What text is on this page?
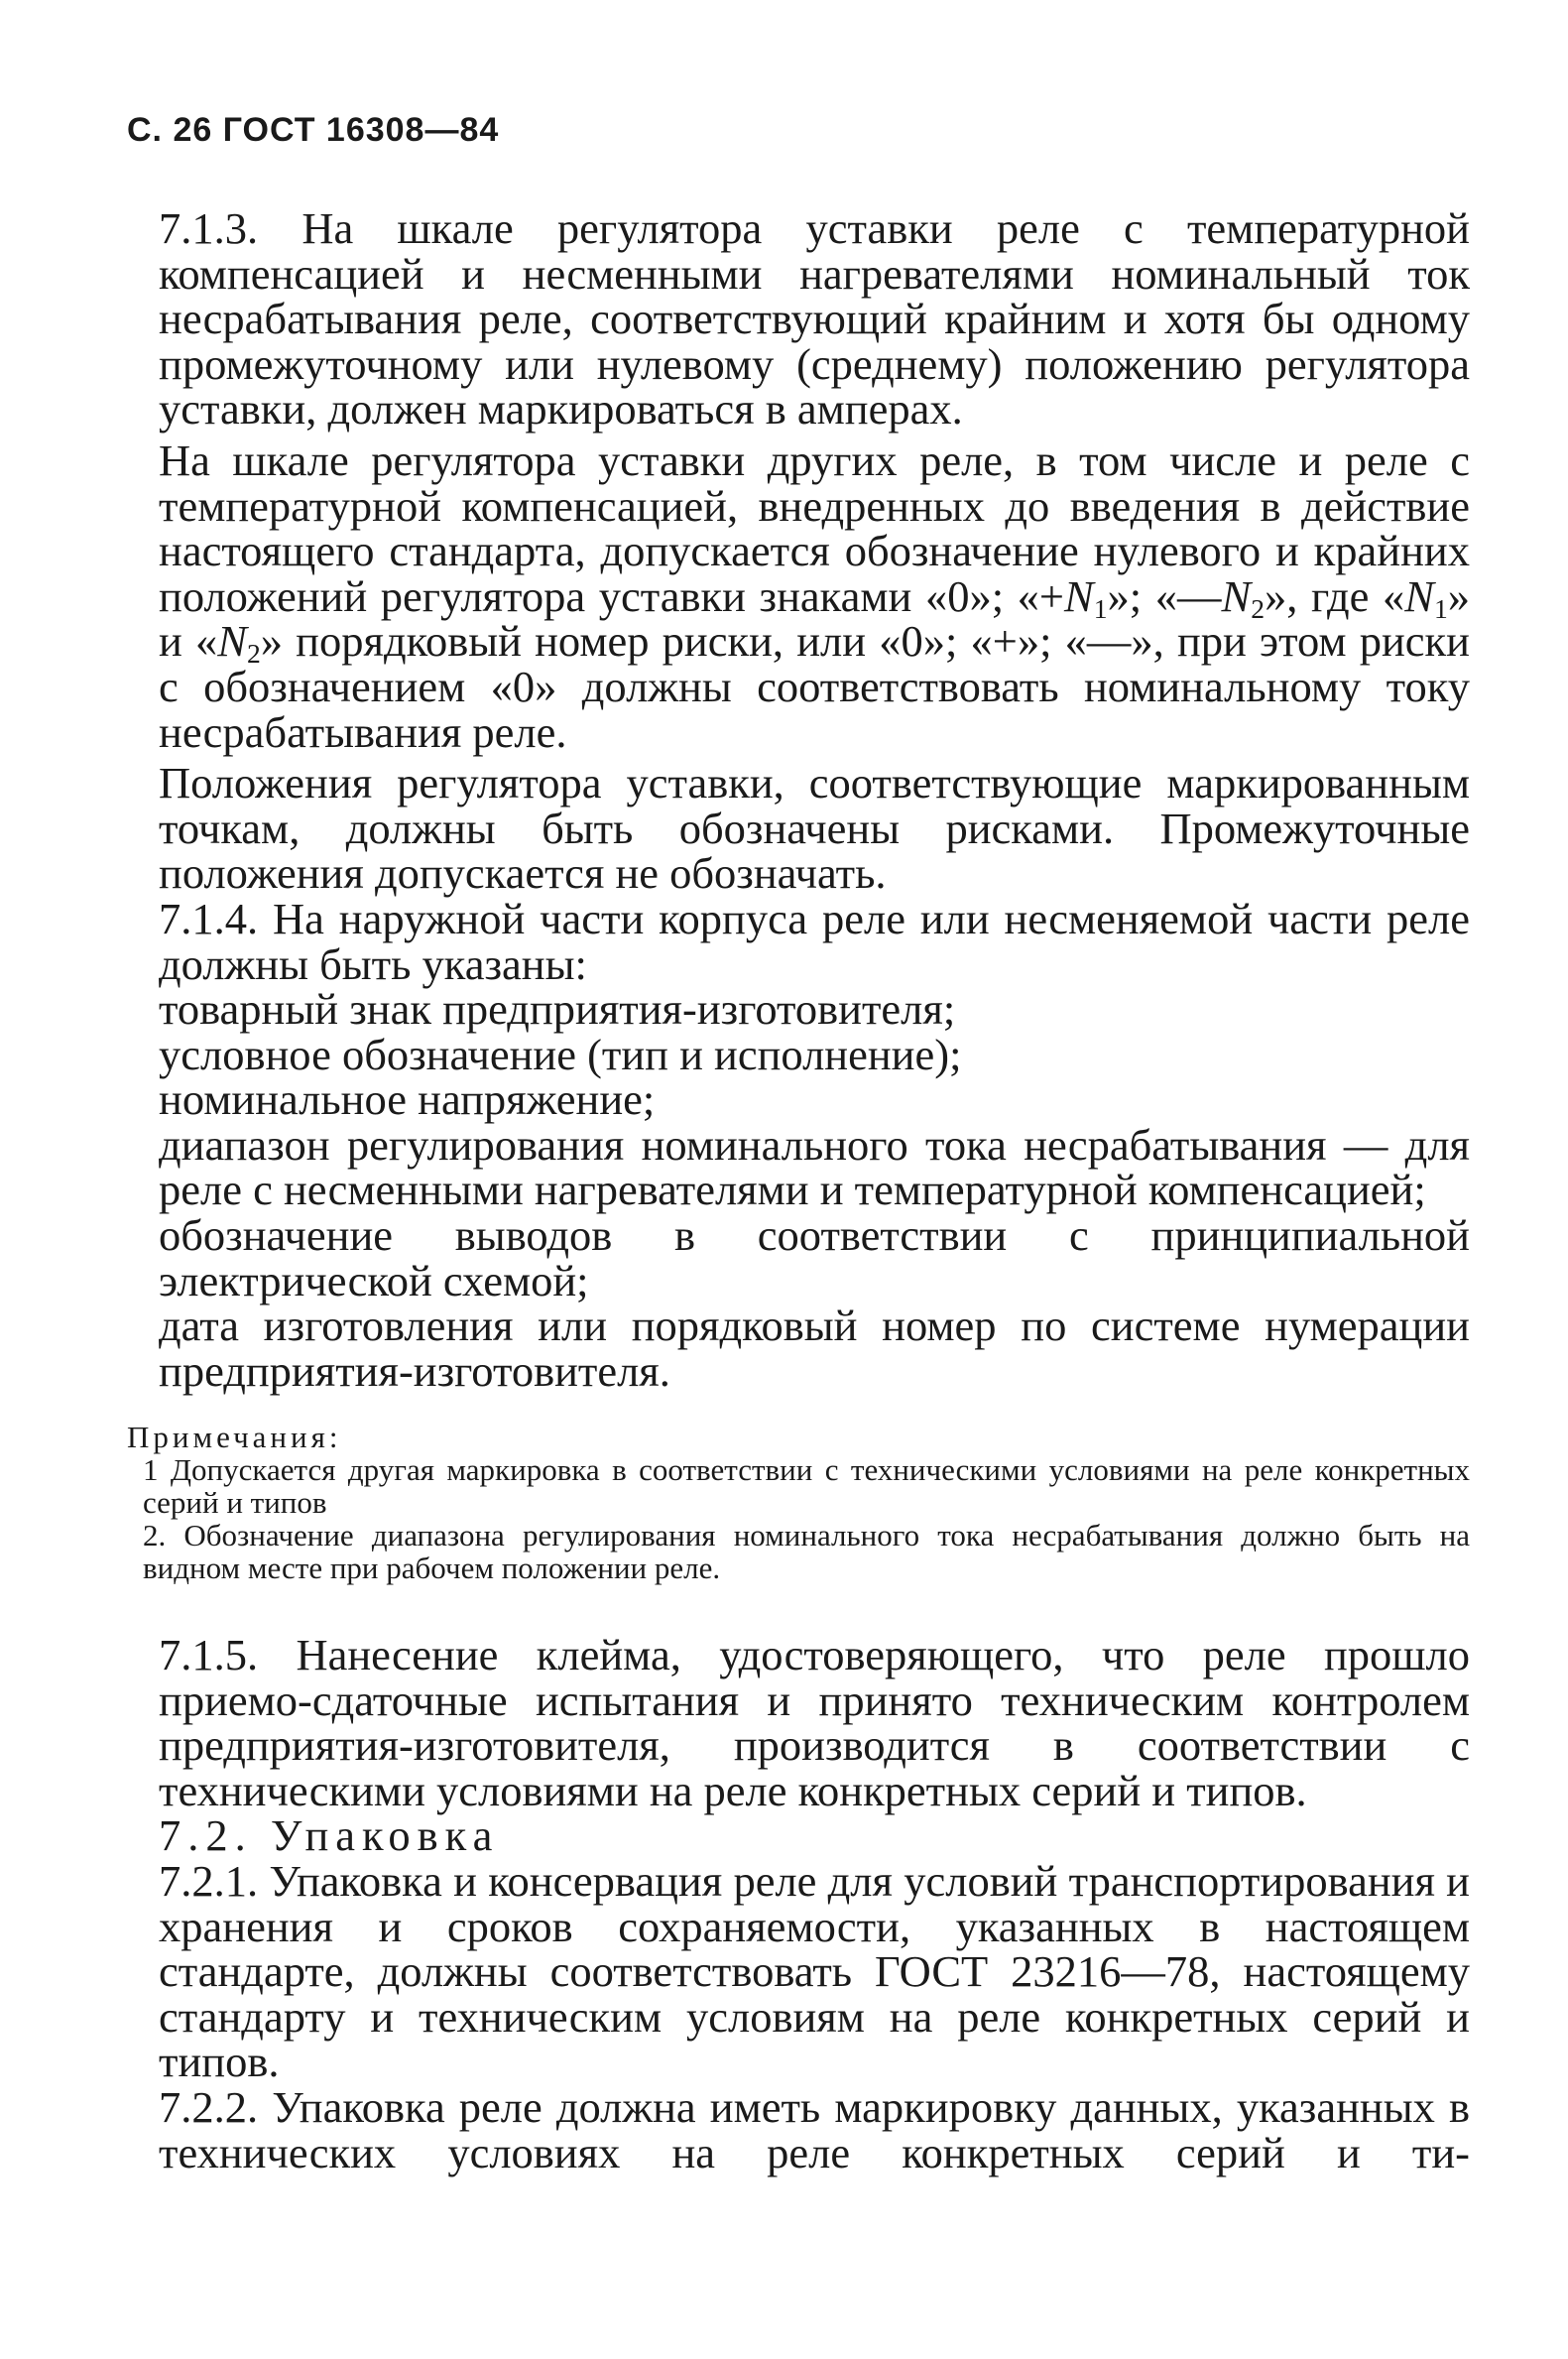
С. 26 ГОСТ 16308—84

7.1.3. На шкале регулятора уставки реле с температурной компенсацией и несменными нагревателями номинальный ток несрабатывания реле, соответствующий крайним и хотя бы одному промежуточному или нулевому (среднему) положению регулятора уставки, должен маркироваться в амперах.

На шкале регулятора уставки других реле, в том числе и реле с температурной компенсацией, внедренных до введения в действие настоящего стандарта, допускается обозначение нулевого и крайних положений регулятора уставки знаками «0»; «$+N_1$»; «$—N_2$», где «$N_1$» и «$N_2$» порядковый номер риски, или «0»; «+»; «—», при этом риски с обозначением «0» должны соответствовать номинальному току несрабатывания реле.

Положения регулятора уставки, соответствующие маркированным точкам, должны быть обозначены рисками. Промежуточные положения допускается не обозначать.

7.1.4. На наружной части корпуса реле или несменяемой части реле должны быть указаны:

товарный знак предприятия-изготовителя;

условное обозначение (тип и исполнение);

номинальное напряжение;

диапазон регулирования номинального тока несрабатывания — для реле с несменными нагревателями и температурной компенсацией;

обозначение выводов в соответствии с принципиальной электрической схемой;

дата изготовления или порядковый номер по системе нумерации предприятия-изготовителя.

Примечания:

1 Допускается другая маркировка в соответствии с техническими условиями на реле конкретных серий и типов

2. Обозначение диапазона регулирования номинального тока несрабатывания должно быть на видном месте при рабочем положении реле.

7.1.5. Нанесение клейма, удостоверяющего, что реле прошло приемо-сдаточные испытания и принято техническим контролем предприятия-изготовителя, производится в соответствии с техническими условиями на реле конкретных серий и типов.

7.2. Упаковка

7.2.1. Упаковка и консервация реле для условий транспортирования и хранения и сроков сохраняемости, указанных в настоящем стандарте, должны соответствовать ГОСТ 23216—78, настоящему стандарту и техническим условиям на реле конкретных серий и типов.

7.2.2. Упаковка реле должна иметь маркировку данных, указанных в технических условиях на реле конкретных серий и ти-
